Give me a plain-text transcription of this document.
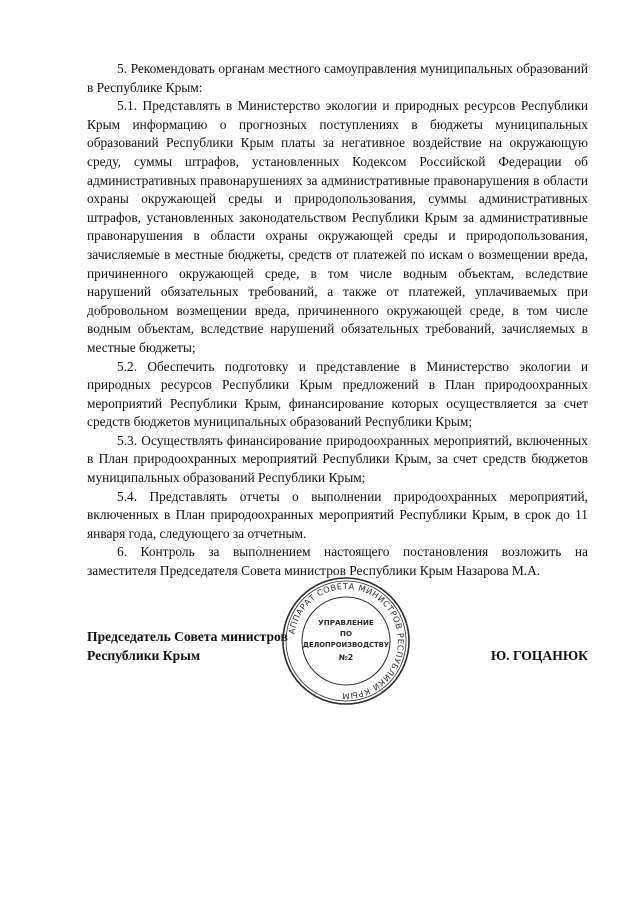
5. Рекомендовать органам местного самоуправления муниципальных образований в Республике Крым:

5.1. Представлять в Министерство экологии и природных ресурсов Республики Крым информацию о прогнозных поступлениях в бюджеты муниципальных образований Республики Крым платы за негативное воздействие на окружающую среду, суммы штрафов, установленных Кодексом Российской Федерации об административных правонарушениях за административные правонарушения в области охраны окружающей среды и природопользования, суммы административных штрафов, установленных законодательством Республики Крым за административные правонарушения в области охраны окружающей среды и природопользования, зачисляемые в местные бюджеты, средств от платежей по искам о возмещении вреда, причиненного окружающей среде, в том числе водным объектам, вследствие нарушений обязательных требований, а также от платежей, уплачиваемых при добровольном возмещении вреда, причиненного окружающей среде, в том числе водным объектам, вследствие нарушений обязательных требований, зачисляемых в местные бюджеты;

5.2. Обеспечить подготовку и представление в Министерство экологии и природных ресурсов Республики Крым предложений в План природоохранных мероприятий Республики Крым, финансирование которых осуществляется за счет средств бюджетов муниципальных образований Республики Крым;

5.3. Осуществлять финансирование природоохранных мероприятий, включенных в План природоохранных мероприятий Республики Крым, за счет средств бюджетов муниципальных образований Республики Крым;

5.4. Представлять отчеты о выполнении природоохранных мероприятий, включенных в План природоохранных мероприятий Республики Крым, в срок до 11 января года, следующего за отчетным.

6. Контроль за выполнением настоящего постановления возложить на заместителя Председателя Совета министров Республики Крым Назарова М.А.

Председатель Совета министров
Республики Крым	Ю. ГОЦАНЮК
АППАРАТ СОВЕТА МИНИСТРОВ РЕСПУБЛИКИ КРЫМ
УПРАВЛЕНИЕ
ПО
ДЕЛОПРОИЗВОДСТВУ
№2
